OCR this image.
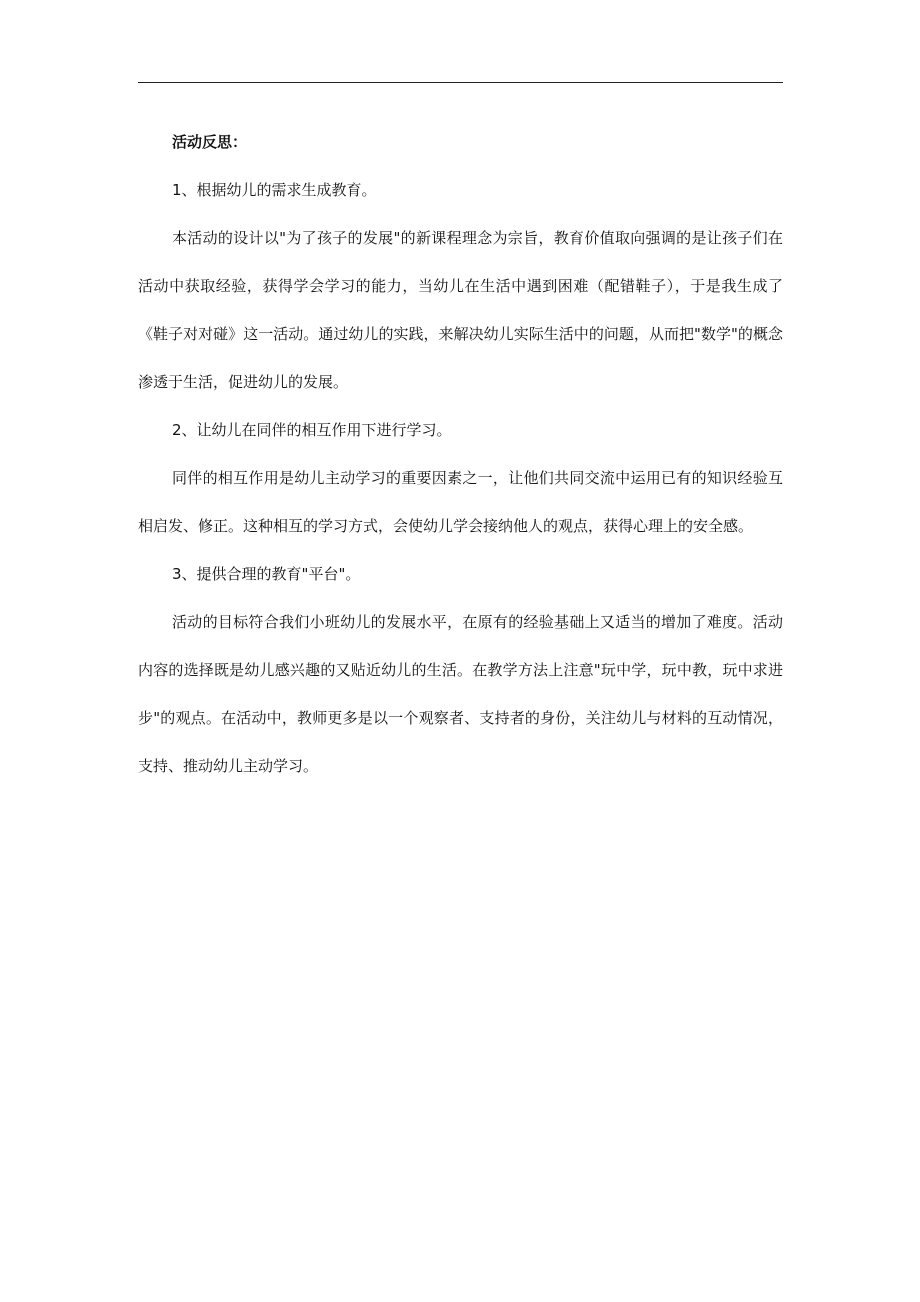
活动反思：

1、根据幼儿的需求生成教育。

本活动的设计以"为了孩子的发展"的新课程理念为宗旨，教育价值取向强调的是让孩子们在活动中获取经验，获得学会学习的能力，当幼儿在生活中遇到困难（配错鞋子），于是我生成了《鞋子对对碰》这一活动。通过幼儿的实践，来解决幼儿实际生活中的问题，从而把"数学"的概念渗透于生活，促进幼儿的发展。

2、让幼儿在同伴的相互作用下进行学习。

同伴的相互作用是幼儿主动学习的重要因素之一，让他们共同交流中运用已有的知识经验互相启发、修正。这种相互的学习方式，会使幼儿学会接纳他人的观点，获得心理上的安全感。

3、提供合理的教育"平台"。

活动的目标符合我们小班幼儿的发展水平，在原有的经验基础上又适当的增加了难度。活动内容的选择既是幼儿感兴趣的又贴近幼儿的生活。在教学方法上注意"玩中学，玩中教，玩中求进步"的观点。在活动中，教师更多是以一个观察者、支持者的身份，关注幼儿与材料的互动情况，支持、推动幼儿主动学习。
